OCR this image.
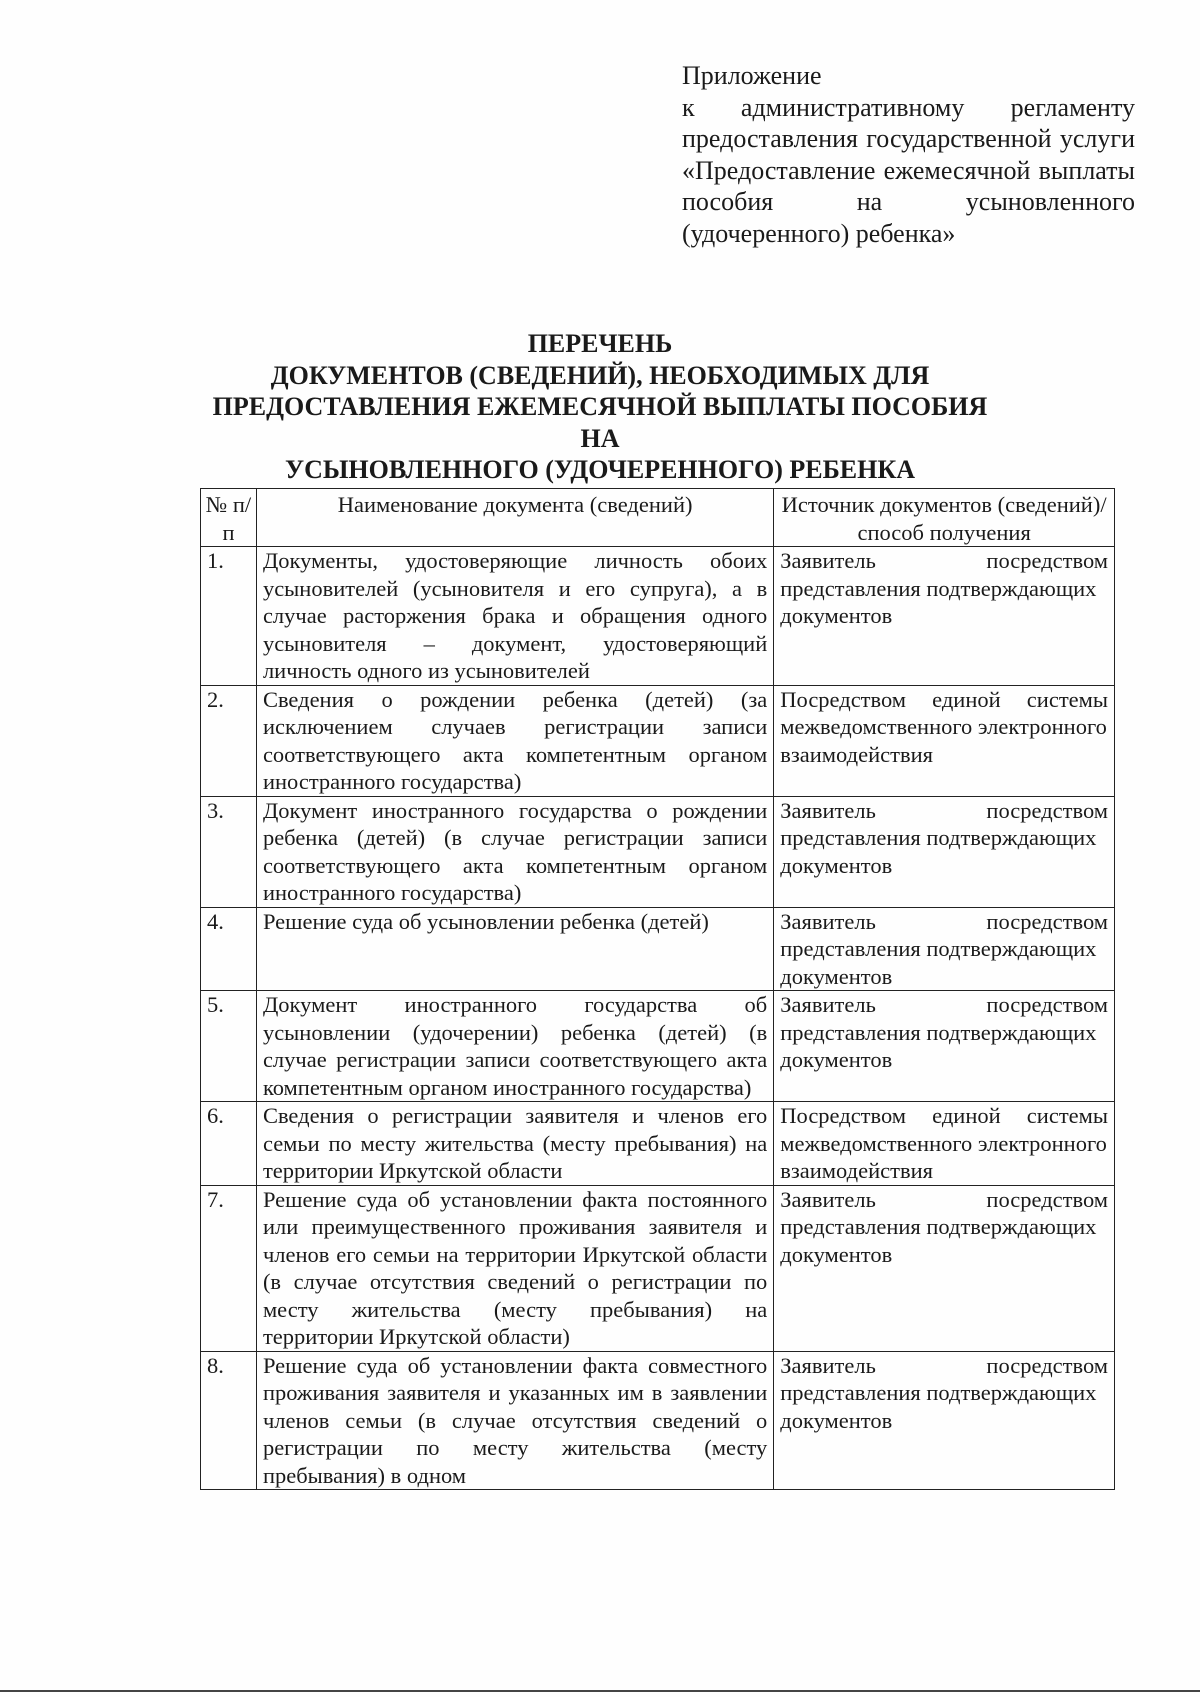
Приложение
к административному регламенту предоставления государственной услуги «Предоставление ежемесячной выплаты пособия на усыновленного (удочеренного) ребенка»
ПЕРЕЧЕНЬ
ДОКУМЕНТОВ (СВЕДЕНИЙ), НЕОБХОДИМЫХ ДЛЯ
ПРЕДОСТАВЛЕНИЯ ЕЖЕМЕСЯЧНОЙ ВЫПЛАТЫ ПОСОБИЯ НА
УСЫНОВЛЕННОГО (УДОЧЕРЕННОГО) РЕБЕНКА
№ п/п	Наименование документа (сведений)	Источник документов (сведений)/способ получения
1.	Документы, удостоверяющие личность обоих усыновителей (усыновителя и его супруга), а в случае расторжения брака и обращения одного усыновителя – документ, удостоверяющий личность одного из усыновителей	Заявитель посредством
представления подтверждающих документов
2.	Сведения о рождении ребенка (детей) (за исключением случаев регистрации записи соответствующего акта компетентным органом иностранного государства)	Посредством единой системы
межведомственного электронного взаимодействия
3.	Документ иностранного государства о рождении ребенка (детей) (в случае регистрации записи соответствующего акта компетентным органом иностранного государства)	Заявитель посредством
представления подтверждающих документов
4.	Решение суда об усыновлении ребенка (детей)	Заявитель посредством
представления подтверждающих документов
5.	Документ иностранного государства об усыновлении (удочерении) ребенка (детей) (в случае регистрации записи соответствующего акта компетентным органом иностранного государства)	Заявитель посредством
представления подтверждающих документов
6.	Сведения о регистрации заявителя и членов его семьи по месту жительства (месту пребывания) на территории Иркутской области	Посредством единой системы
межведомственного электронного взаимодействия
7.	Решение суда об установлении факта постоянного или преимущественного проживания заявителя и членов его семьи на территории Иркутской области (в случае отсутствия сведений о регистрации по месту жительства (месту пребывания) на территории Иркутской области)	Заявитель посредством
представления подтверждающих документов
8.	Решение суда об установлении факта совместного проживания заявителя и указанных им в заявлении членов семьи (в случае отсутствия сведений о регистрации по месту жительства (месту пребывания) в одном	Заявитель посредством
представления подтверждающих документов
